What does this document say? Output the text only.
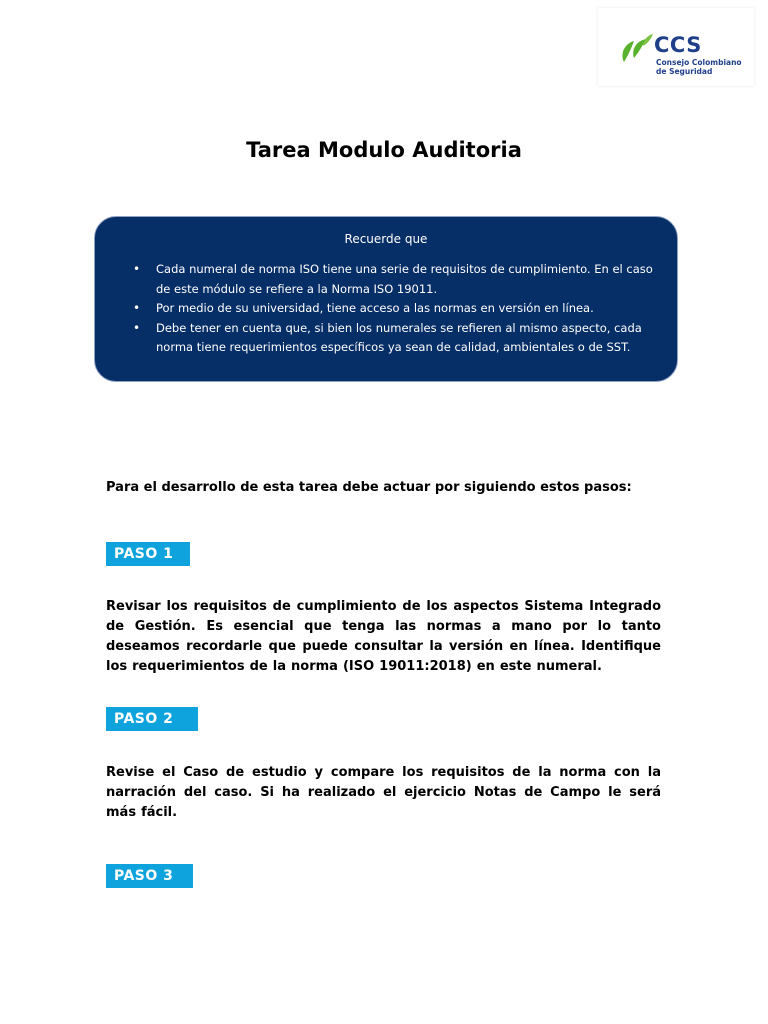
CCS
Consejo Colombiano de Seguridad
Tarea Modulo Auditoria
Recuerde que
• Cada numeral de norma ISO tiene una serie de requisitos de cumplimiento. En el caso de este módulo se refiere a la Norma ISO 19011.
• Por medio de su universidad, tiene acceso a las normas en versión en línea.
• Debe tener en cuenta que, si bien los numerales se refieren al mismo aspecto, cada norma tiene requerimientos específicos ya sean de calidad, ambientales o de SST.
Para el desarrollo de esta tarea debe actuar por siguiendo estos pasos:
PASO 1
Revisar los requisitos de cumplimiento de los aspectos Sistema Integrado de Gestión. Es esencial que tenga las normas a mano por lo tanto deseamos recordarle que puede consultar la versión en línea. Identifique los requerimientos de la norma (ISO 19011:2018) en este numeral.
PASO 2
Revise el Caso de estudio y compare los requisitos de la norma con la narración del caso. Si ha realizado el ejercicio Notas de Campo le será más fácil.
PASO 3
